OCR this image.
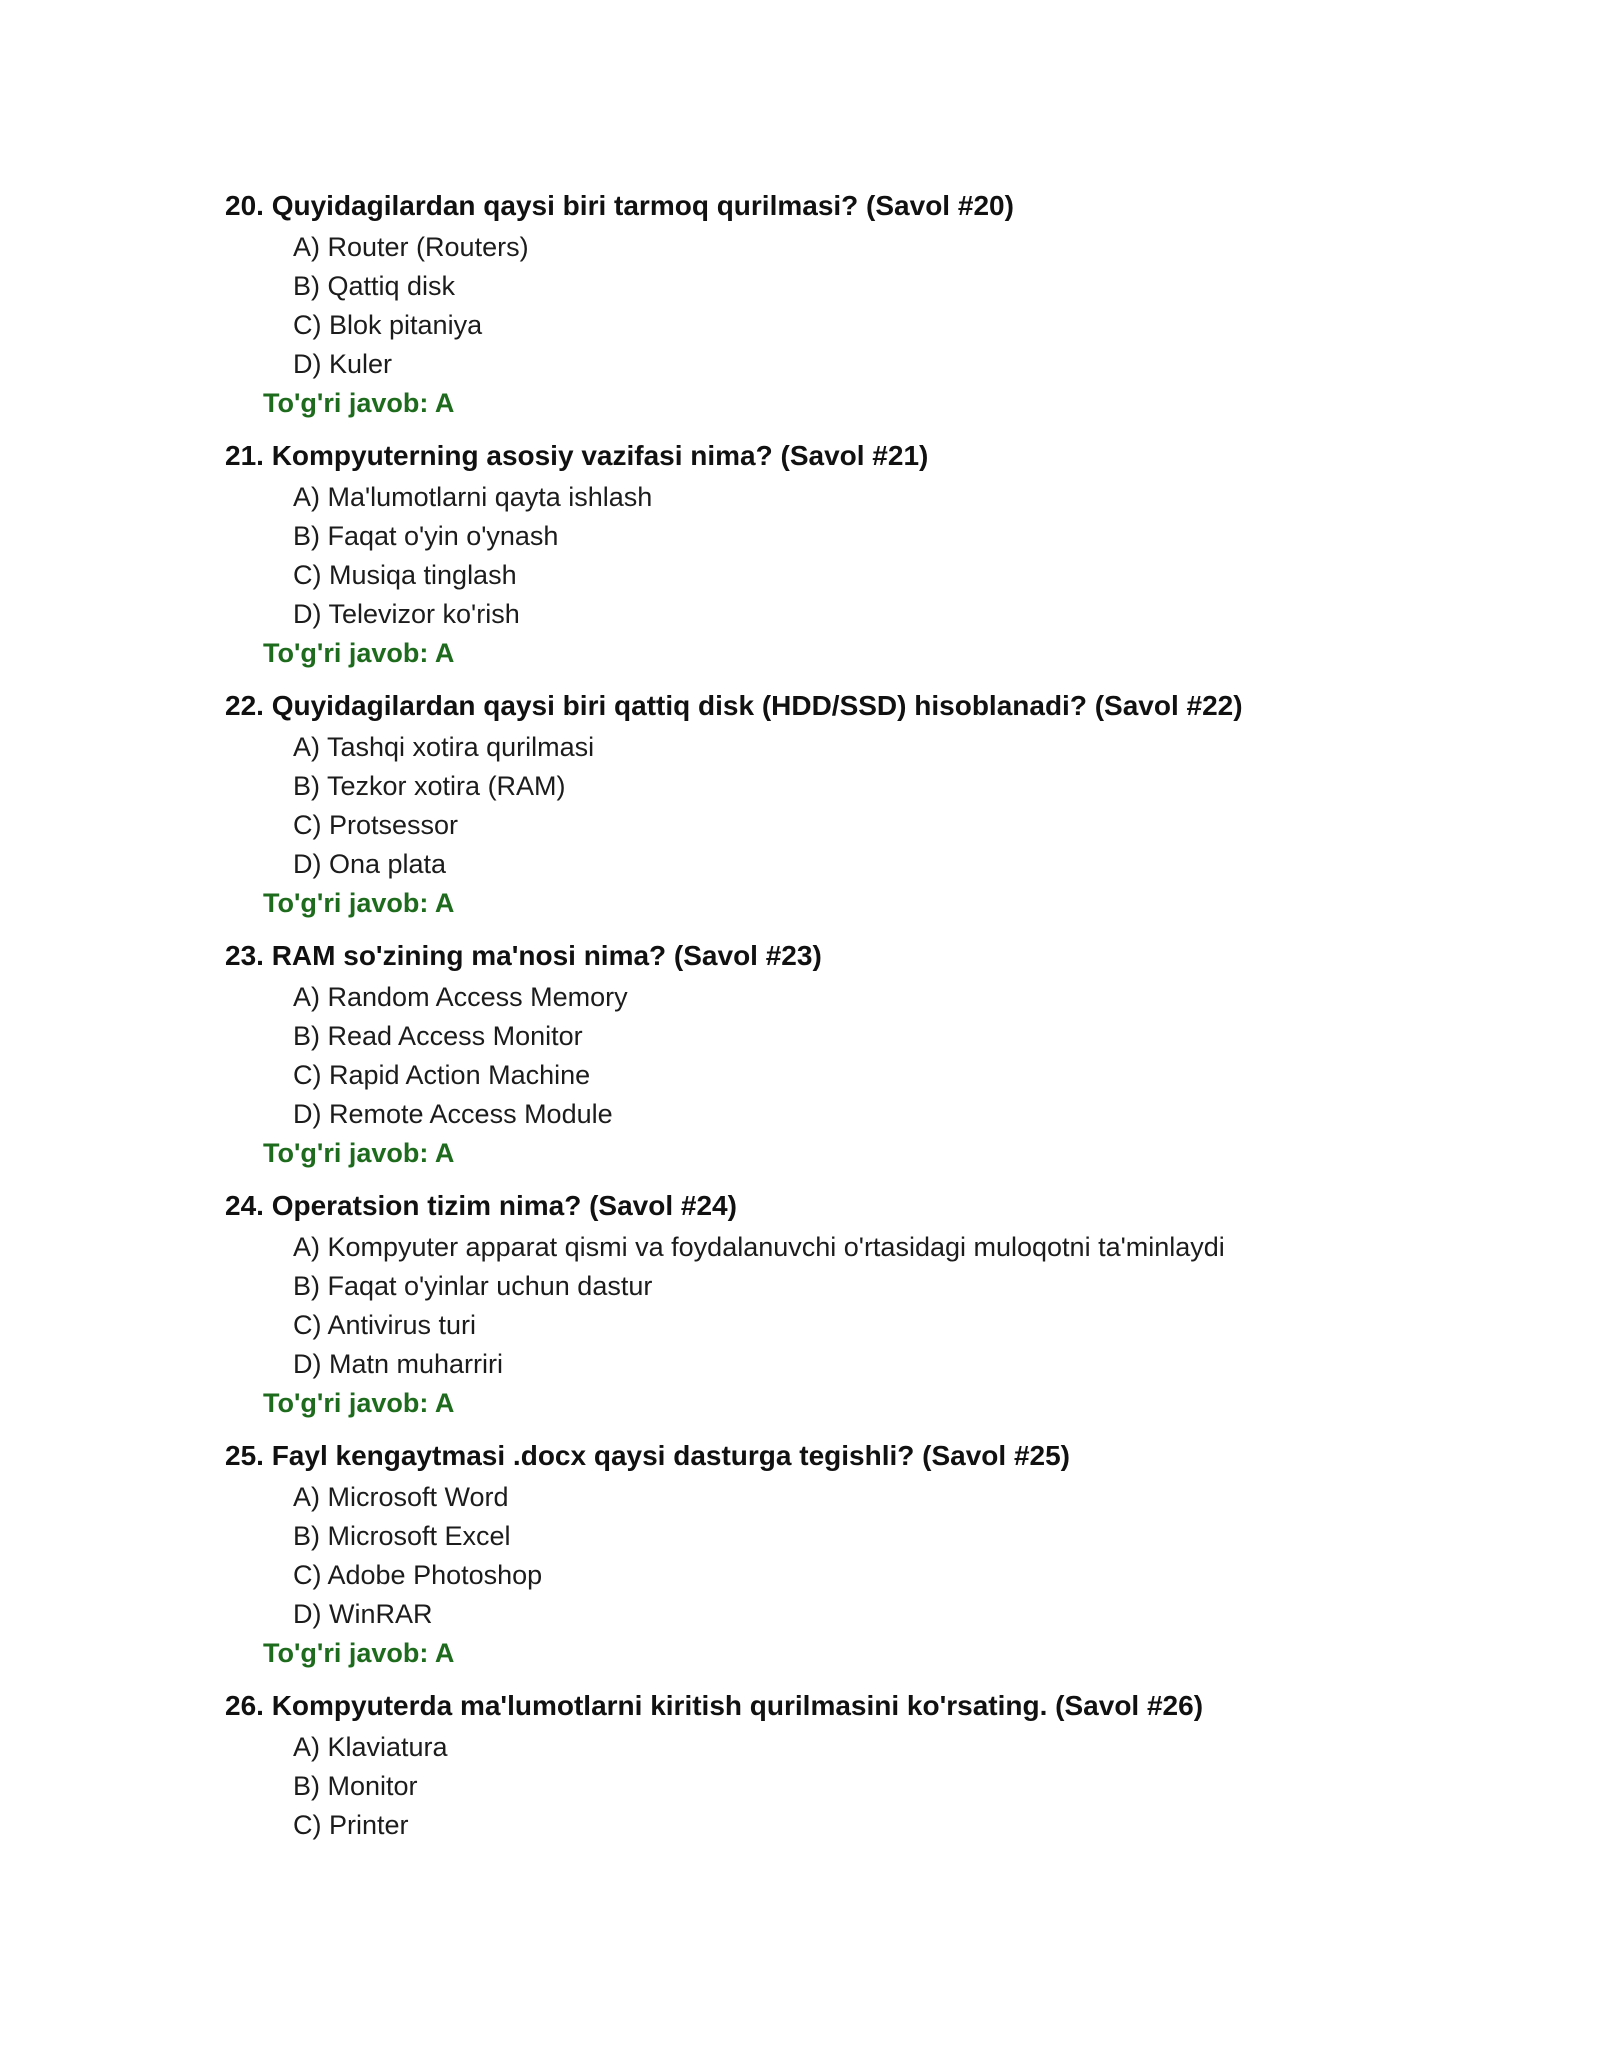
20. Quyidagilardan qaysi biri tarmoq qurilmasi? (Savol #20)
A) Router (Routers)
B) Qattiq disk
C) Blok pitaniya
D) Kuler
To'g'ri javob: A
21. Kompyuterning asosiy vazifasi nima? (Savol #21)
A) Ma'lumotlarni qayta ishlash
B) Faqat o'yin o'ynash
C) Musiqa tinglash
D) Televizor ko'rish
To'g'ri javob: A
22. Quyidagilardan qaysi biri qattiq disk (HDD/SSD) hisoblanadi? (Savol #22)
A) Tashqi xotira qurilmasi
B) Tezkor xotira (RAM)
C) Protsessor
D) Ona plata
To'g'ri javob: A
23. RAM so'zining ma'nosi nima? (Savol #23)
A) Random Access Memory
B) Read Access Monitor
C) Rapid Action Machine
D) Remote Access Module
To'g'ri javob: A
24. Operatsion tizim nima? (Savol #24)
A) Kompyuter apparat qismi va foydalanuvchi o'rtasidagi muloqotni ta'minlaydi
B) Faqat o'yinlar uchun dastur
C) Antivirus turi
D) Matn muharriri
To'g'ri javob: A
25. Fayl kengaytmasi .docx qaysi dasturga tegishli? (Savol #25)
A) Microsoft Word
B) Microsoft Excel
C) Adobe Photoshop
D) WinRAR
To'g'ri javob: A
26. Kompyuterda ma'lumotlarni kiritish qurilmasini ko'rsating. (Savol #26)
A) Klaviatura
B) Monitor
C) Printer
